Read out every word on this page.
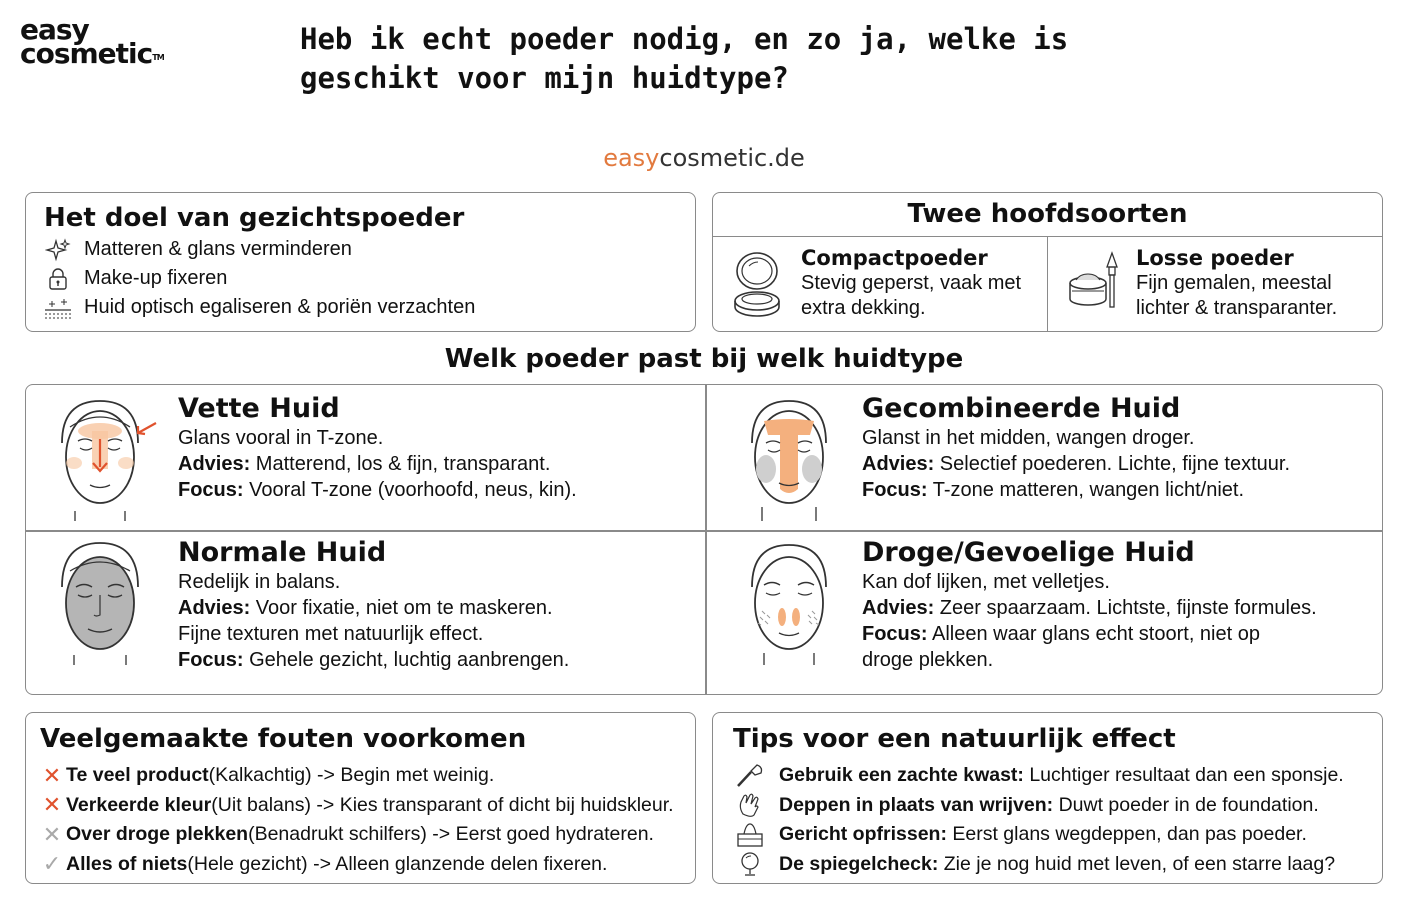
easy
cosmetic™
Heb ik echt poeder nodig, en zo ja, welke is geschikt voor mijn huidtype?
easycosmetic.de
Het doel van gezichtspoeder
Matteren & glans verminderen
Make-up fixeren
Huid optisch egaliseren & poriën verzachten
Twee hoofdsoorten
Compactpoeder
Stevig geperst, vaak met
extra dekking.
Losse poeder
Fijn gemalen, meestal
lichter & transparanter.
Welk poeder past bij welk huidtype
Vette Huid
Glans vooral in T-zone.
Advies: Matterend, los & fijn, transparant.
Focus: Vooral T-zone (voorhoofd, neus, kin).
Gecombineerde Huid
Glanst in het midden, wangen droger.
Advies: Selectief poederen. Lichte, fijne textuur.
Focus: T-zone matteren, wangen licht/niet.
Normale Huid
Redelijk in balans.
Advies: Voor fixatie, niet om te maskeren.
Fijne texturen met natuurlijk effect.
Focus: Gehele gezicht, luchtig aanbrengen.
Droge/Gevoelige Huid
Kan dof lijken, met velletjes.
Advies: Zeer spaarzaam. Lichtste, fijnste formules.
Focus: Alleen waar glans echt stoort, niet op
droge plekken.
Veelgemaakte fouten voorkomen
✕ Te veel product (Kalkachtig) -> Begin met weinig.
✕ Verkeerde kleur (Uit balans) -> Kies transparant of dicht bij huidskleur.
✕ Over droge plekken (Benadrukt schilfers) -> Eerst goed hydrateren.
✓ Alles of niets (Hele gezicht) -> Alleen glanzende delen fixeren.
Tips voor een natuurlijk effect
Gebruik een zachte kwast: Luchtiger resultaat dan een sponsje.
Deppen in plaats van wrijven: Duwt poeder in de foundation.
Gericht opfrissen: Eerst glans wegdeppen, dan pas poeder.
De spiegelcheck: Zie je nog huid met leven, of een starre laag?
